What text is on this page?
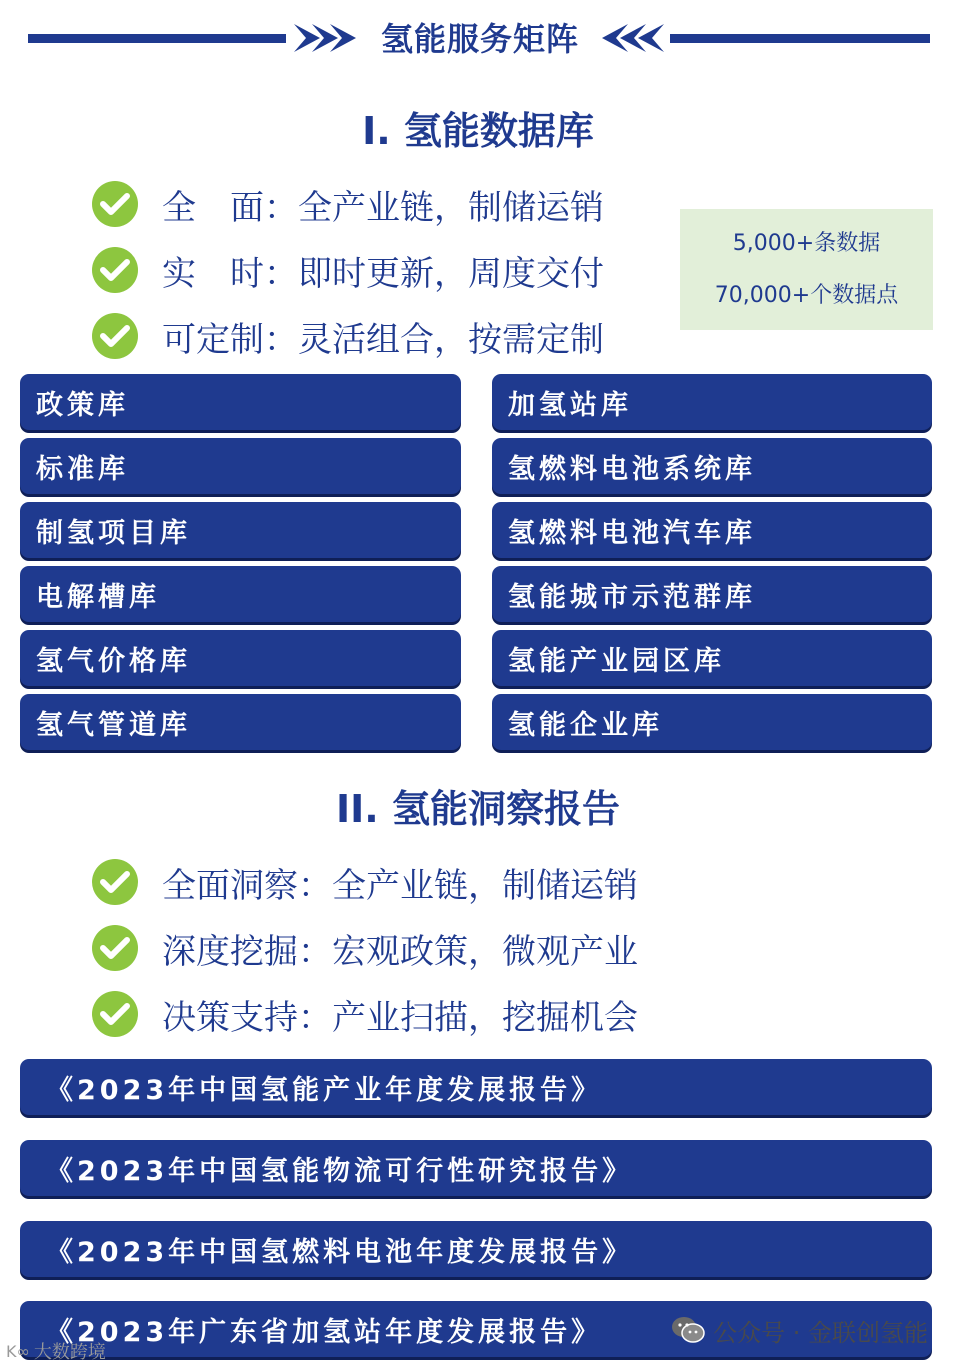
氢能服务矩阵
I. 氢能数据库
全　面：全产业链，制储运销
实　时：即时更新，周度交付
可定制：灵活组合，按需定制
5,000+条数据
70,000+个数据点
政策库
标准库
制氢项目库
电解槽库
氢气价格库
氢气管道库
加氢站库
氢燃料电池系统库
氢燃料电池汽车库
氢能城市示范群库
氢能产业园区库
氢能企业库
II. 氢能洞察报告
全面洞察：全产业链，制储运销
深度挖掘：宏观政策，微观产业
决策支持：产业扫描，挖掘机会
《2023年中国氢能产业年度发展报告》
《2023年中国氢能物流可行性研究报告》
《2023年中国氢燃料电池年度发展报告》
《2023年广东省加氢站年度发展报告》	公众号 · 金联创氢能
K∞ 大数跨境
